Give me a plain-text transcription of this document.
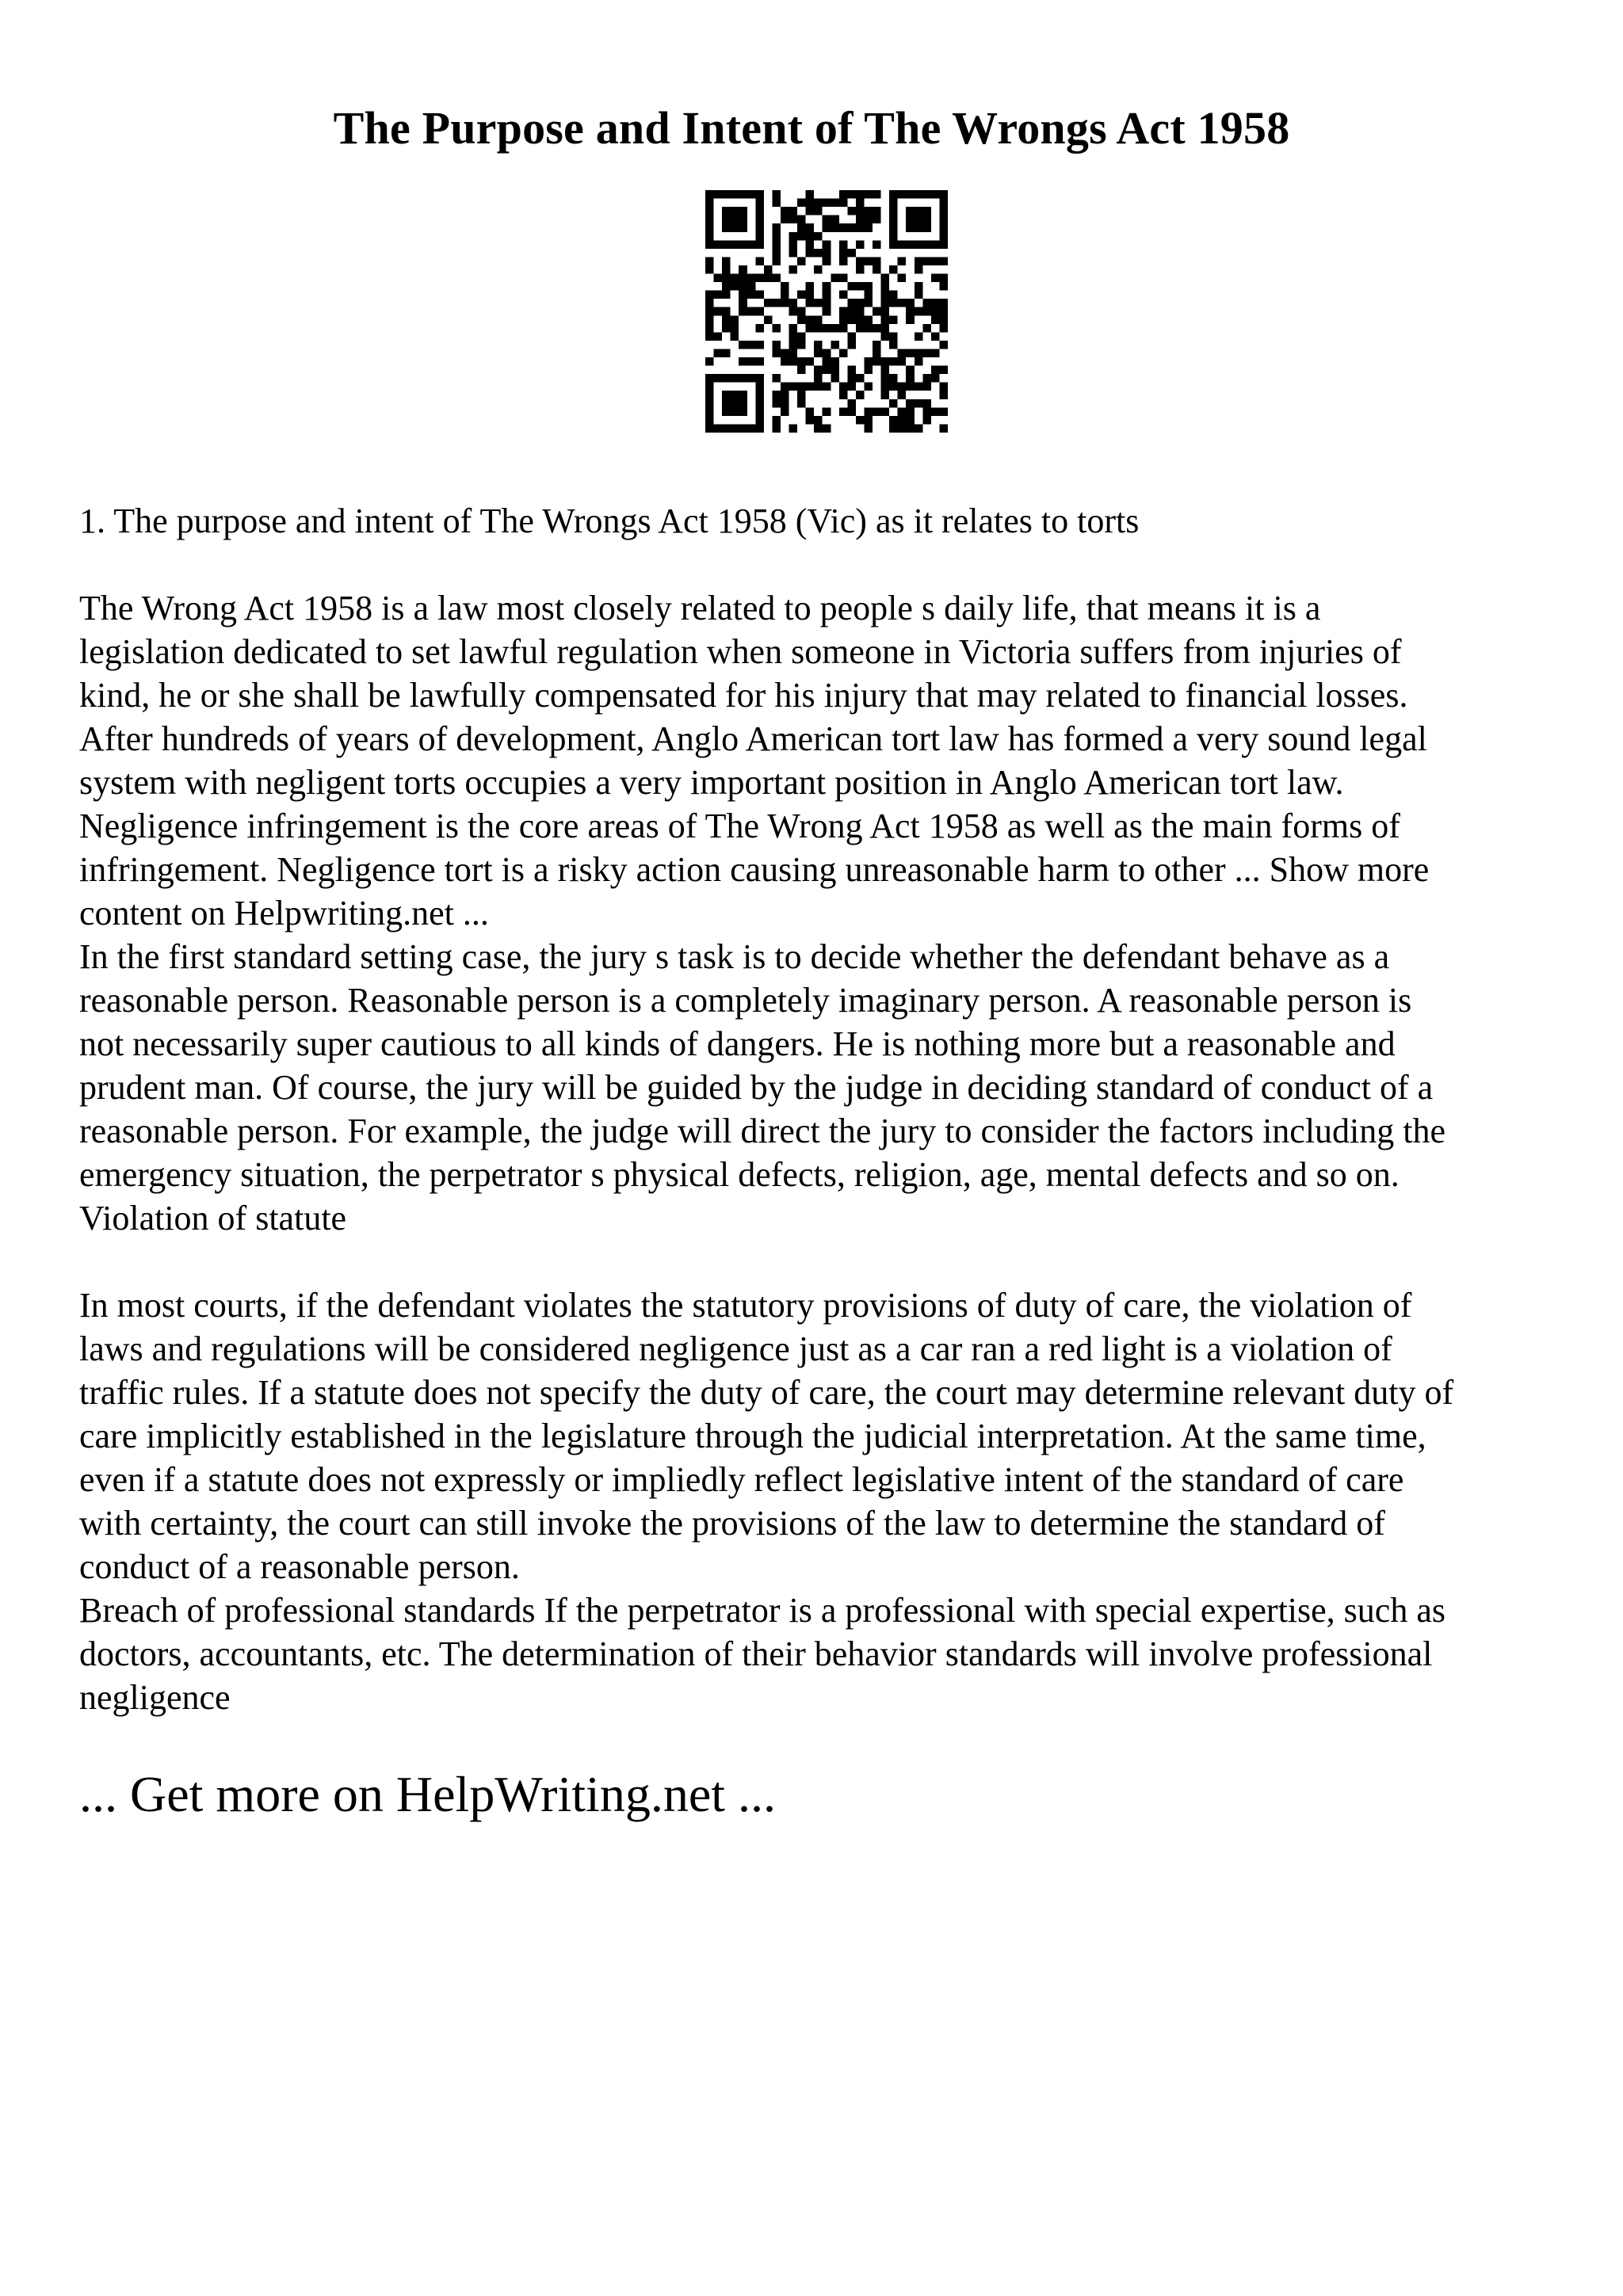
The Purpose and Intent of The Wrongs Act 1958

1. The purpose and intent of The Wrongs Act 1958 (Vic) as it relates to torts

The Wrong Act 1958 is a law most closely related to people s daily life, that means it is a
legislation dedicated to set lawful regulation when someone in Victoria suffers from injuries of
kind, he or she shall be lawfully compensated for his injury that may related to financial losses.
After hundreds of years of development, Anglo American tort law has formed a very sound legal
system with negligent torts occupies a very important position in Anglo American tort law.
Negligence infringement is the core areas of The Wrong Act 1958 as well as the main forms of
infringement. Negligence tort is a risky action causing unreasonable harm to other ... Show more
content on Helpwriting.net ...

In the first standard setting case, the jury s task is to decide whether the defendant behave as a
reasonable person. Reasonable person is a completely imaginary person. A reasonable person is
not necessarily super cautious to all kinds of dangers. He is nothing more but a reasonable and
prudent man. Of course, the jury will be guided by the judge in deciding standard of conduct of a
reasonable person. For example, the judge will direct the jury to consider the factors including the
emergency situation, the perpetrator s physical defects, religion, age, mental defects and so on.
Violation of statute

In most courts, if the defendant violates the statutory provisions of duty of care, the violation of
laws and regulations will be considered negligence just as a car ran a red light is a violation of
traffic rules. If a statute does not specify the duty of care, the court may determine relevant duty of
care implicitly established in the legislature through the judicial interpretation. At the same time,
even if a statute does not expressly or impliedly reflect legislative intent of the standard of care
with certainty, the court can still invoke the provisions of the law to determine the standard of
conduct of a reasonable person.

Breach of professional standards If the perpetrator is a professional with special expertise, such as
doctors, accountants, etc. The determination of their behavior standards will involve professional
negligence

... Get more on HelpWriting.net ...
